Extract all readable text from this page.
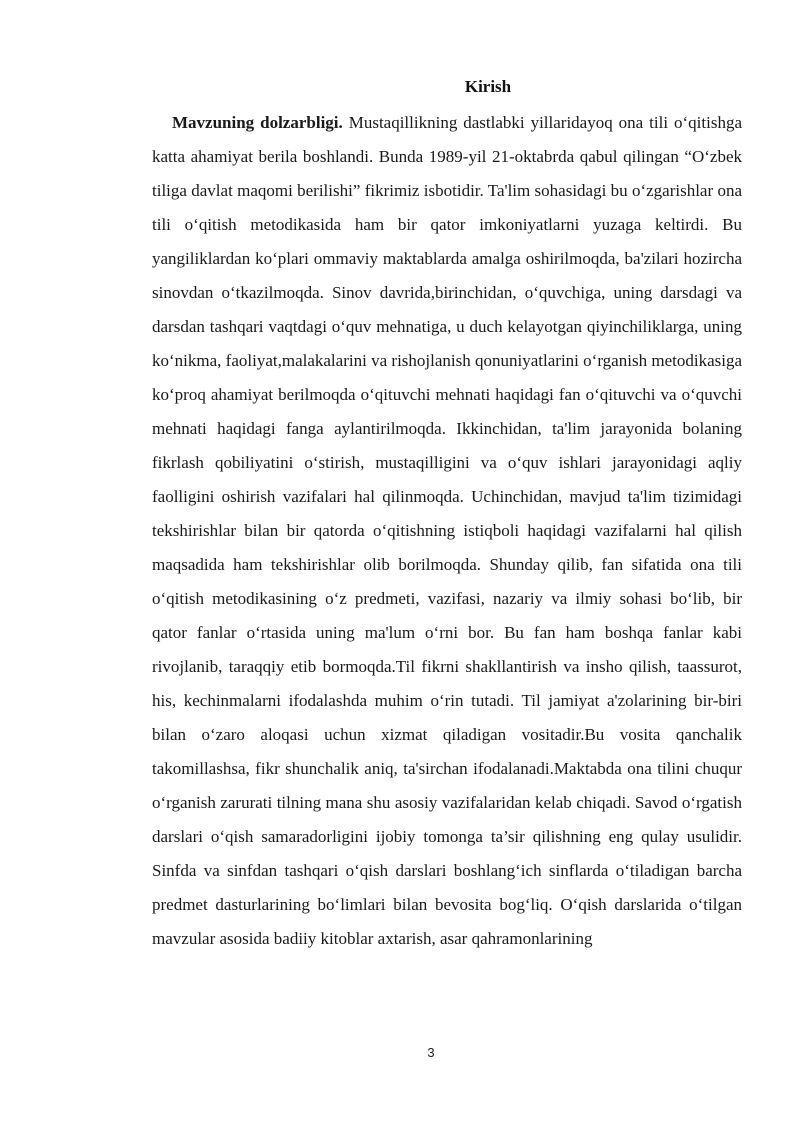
Kirish

Mavzuning dolzarbligi. Mustaqillikning dastlabki yillaridayoq ona tili o‘qitishga katta ahamiyat berila boshlandi. Bunda 1989-yil 21-oktabrda qabul qilingan “O‘zbek tiliga davlat maqomi berilishi” fikrimiz isbotidir. Ta'lim sohasidagi bu o‘zgarishlar ona tili o‘qitish metodikasida ham bir qator imkoniyatlarni yuzaga keltirdi. Bu yangiliklardan ko‘plari ommaviy maktablarda amalga oshirilmoqda, ba'zilari hozircha sinovdan o‘tkazilmoqda. Sinov davrida,birinchidan, o‘quvchiga, uning darsdagi va darsdan tashqari vaqtdagi o‘quv mehnatiga, u duch kelayotgan qiyinchiliklarga, uning ko‘nikma, faoliyat,malakalarini va rishojlanish qonuniyatlarini o‘rganish metodikasiga ko‘proq ahamiyat berilmoqda o‘qituvchi mehnati haqidagi fan o‘qituvchi va o‘quvchi mehnati haqidagi fanga aylantirilmoqda. Ikkinchidan, ta'lim jarayonida bolaning fikrlash qobiliyatini o‘stirish, mustaqilligini va o‘quv ishlari jarayonidagi aqliy faolligini oshirish vazifalari hal qilinmoqda. Uchinchidan, mavjud ta'lim tizimidagi tekshirishlar bilan bir qatorda o‘qitishning istiqboli haqidagi vazifalarni hal qilish maqsadida ham tekshirishlar olib borilmoqda. Shunday qilib, fan sifatida ona tili o‘qitish metodikasining o‘z predmeti, vazifasi, nazariy va ilmiy sohasi bo‘lib, bir qator fanlar o‘rtasida uning ma'lum o‘rni bor. Bu fan ham boshqa fanlar kabi rivojlanib, taraqqiy etib bormoqda.Til fikrni shakllantirish va insho qilish, taassurot, his, kechinmalarni ifodalashda muhim o‘rin tutadi. Til jamiyat a'zolarining bir-biri bilan o‘zaro aloqasi uchun xizmat qiladigan vositadir.Bu vosita qanchalik takomillashsa, fikr shunchalik aniq, ta'sirchan ifodalanadi.Maktabda ona tilini chuqur o‘rganish zarurati tilning mana shu asosiy vazifalaridan kelab chiqadi. Savod o‘rgatish darslari o‘qish samaradorligini ijobiy tomonga ta’sir qilishning eng qulay usulidir. Sinfda va sinfdan tashqari o‘qish darslari boshlang‘ich sinflarda o‘tiladigan barcha predmet dasturlarining bo‘limlari bilan bevosita bog‘liq. O‘qish darslarida o‘tilgan mavzular asosida badiiy kitoblar axtarish, asar qahramonlarining

3
